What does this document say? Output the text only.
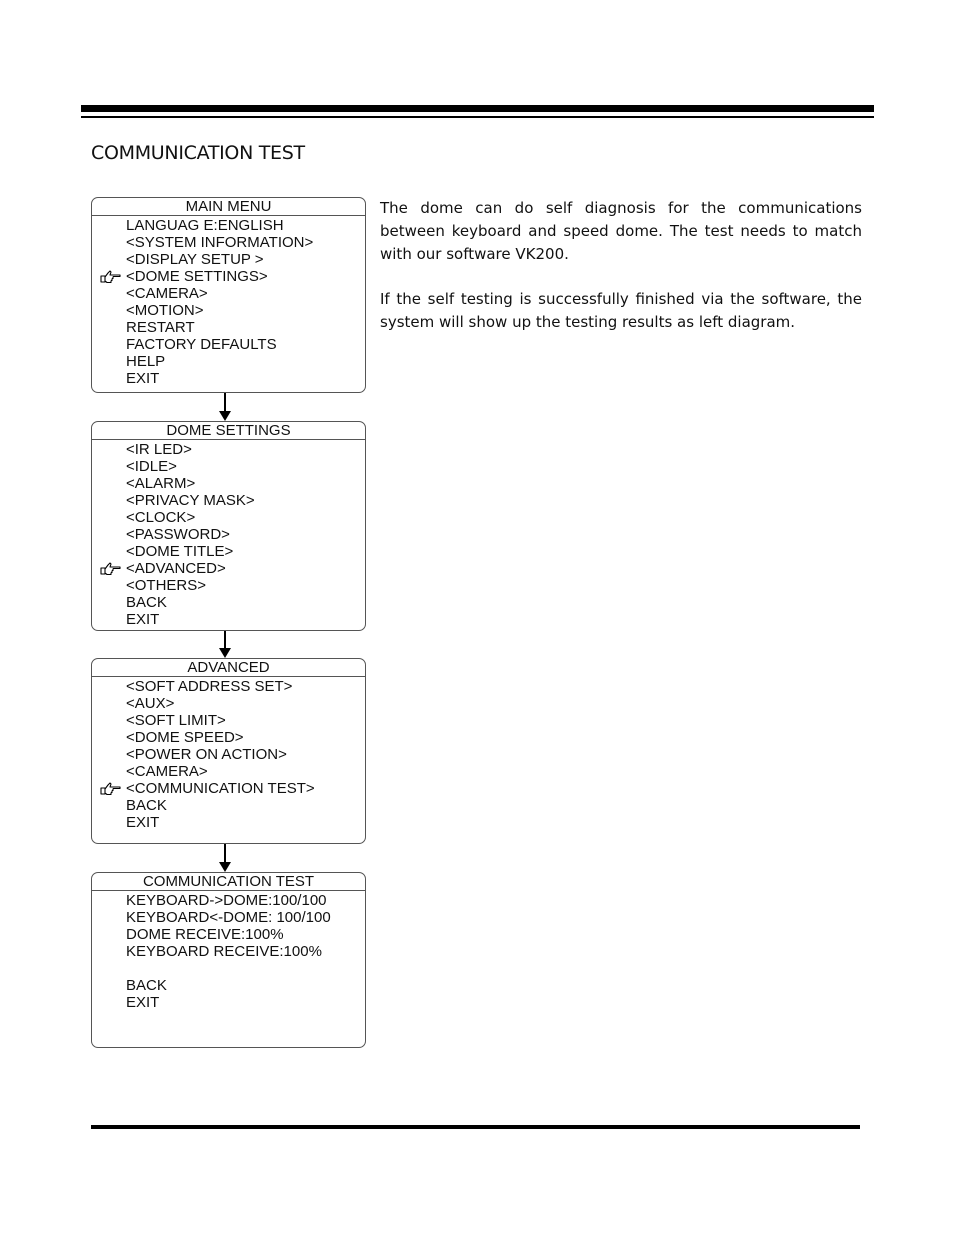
COMMUNICATION TEST

The dome can do self diagnosis for the communications between keyboard and speed dome. The test needs to match with our software VK200.

If the self testing is successfully finished via the software, the system will show up the testing results as left diagram.

MAIN MENU
LANGUAG E:ENGLISH
<SYSTEM INFORMATION>
<DISPLAY SETUP >
<DOME SETTINGS>
<CAMERA>
<MOTION>
RESTART
FACTORY DEFAULTS
HELP
EXIT
DOME SETTINGS
<IR LED>
<IDLE>
<ALARM>
<PRIVACY MASK>
<CLOCK>
<PASSWORD>
<DOME TITLE>
<ADVANCED>
<OTHERS>
BACK
EXIT
ADVANCED
<SOFT ADDRESS SET>
<AUX>
<SOFT LIMIT>
<DOME SPEED>
<POWER ON ACTION>
<CAMERA>
<COMMUNICATION TEST>
BACK
EXIT
COMMUNICATION TEST
KEYBOARD->DOME:100/100
KEYBOARD<-DOME: 100/100
DOME RECEIVE:100%
KEYBOARD RECEIVE:100%
BACK
EXIT
